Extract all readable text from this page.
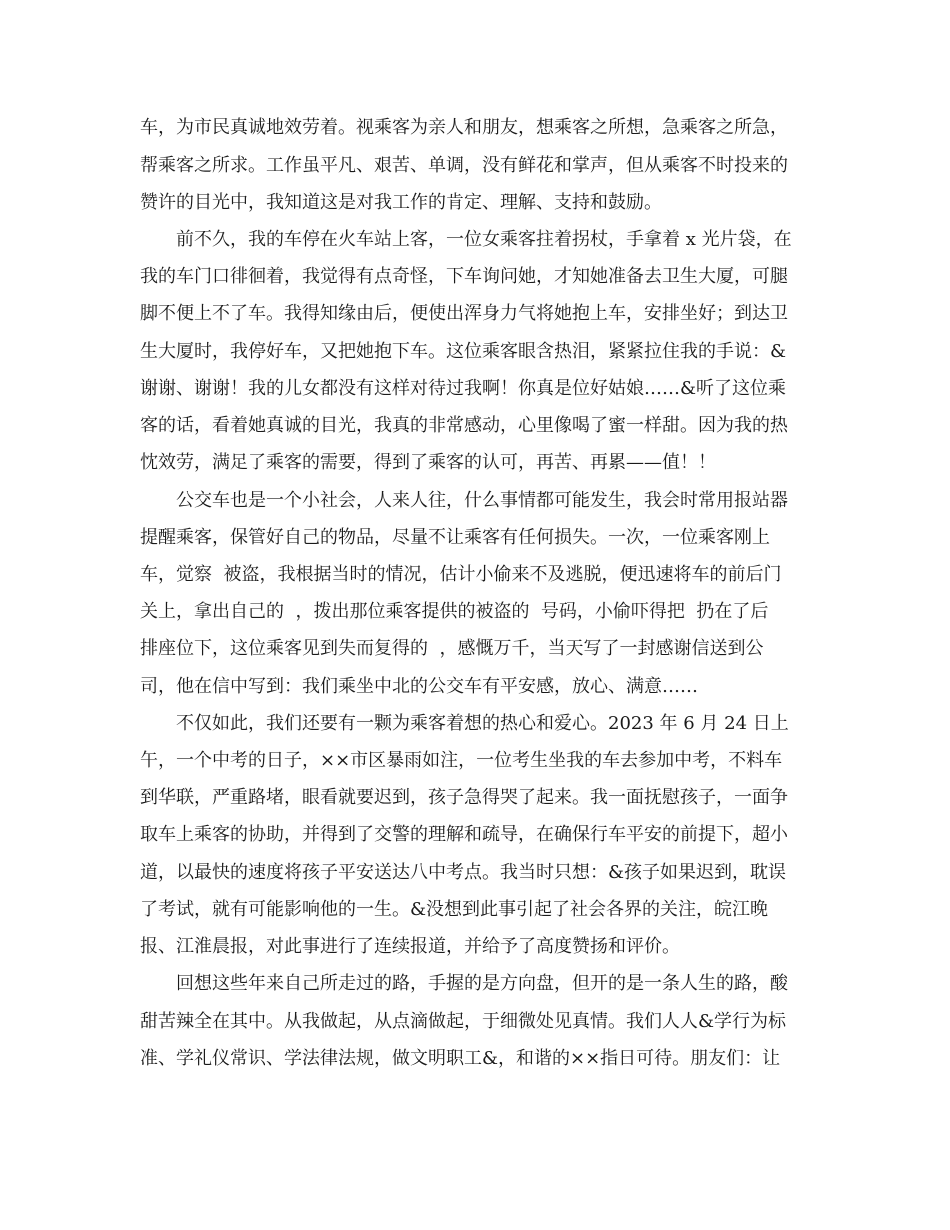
车，为市民真诚地效劳着。视乘客为亲人和朋友，想乘客之所想，急乘客之所急，
帮乘客之所求。工作虽平凡、艰苦、单调，没有鲜花和掌声，但从乘客不时投来的
赞许的目光中，我知道这是对我工作的肯定、理解、支持和鼓励。
前不久，我的车停在火车站上客，一位女乘客拄着拐杖，手拿着 x 光片袋，在
我的车门口徘徊着，我觉得有点奇怪，下车询问她，才知她准备去卫生大厦，可腿
脚不便上不了车。我得知缘由后，便使出浑身力气将她抱上车，安排坐好；到达卫
生大厦时，我停好车，又把她抱下车。这位乘客眼含热泪，紧紧拉住我的手说：&
谢谢、谢谢！我的儿女都没有这样对待过我啊！你真是位好姑娘……&听了这位乘
客的话，看着她真诚的目光，我真的非常感动，心里像喝了蜜一样甜。因为我的热
忱效劳，满足了乘客的需要，得到了乘客的认可，再苦、再累——值！！
公交车也是一个小社会，人来人往，什么事情都可能发生，我会时常用报站器
提醒乘客，保管好自己的物品，尽量不让乘客有任何损失。一次，一位乘客刚上
车，觉察  被盗，我根据当时的情况，估计小偷来不及逃脱，便迅速将车的前后门
关上，拿出自己的  ，拨出那位乘客提供的被盗的  号码，小偷吓得把  扔在了后
排座位下，这位乘客见到失而复得的  ，感慨万千，当天写了一封感谢信送到公
司，他在信中写到：我们乘坐中北的公交车有平安感，放心、满意……
不仅如此，我们还要有一颗为乘客着想的热心和爱心。2023 年 6 月 24 日上
午，一个中考的日子，××市区暴雨如注，一位考生坐我的车去参加中考，不料车
到华联，严重路堵，眼看就要迟到，孩子急得哭了起来。我一面抚慰孩子，一面争
取车上乘客的协助，并得到了交警的理解和疏导，在确保行车平安的前提下，超小
道，以最快的速度将孩子平安送达八中考点。我当时只想：&孩子如果迟到，耽误
了考试，就有可能影响他的一生。&没想到此事引起了社会各界的关注，皖江晚
报、江淮晨报，对此事进行了连续报道，并给予了高度赞扬和评价。
回想这些年来自己所走过的路，手握的是方向盘，但开的是一条人生的路，酸
甜苦辣全在其中。从我做起，从点滴做起，于细微处见真情。我们人人&学行为标
准、学礼仪常识、学法律法规，做文明职工&，和谐的××指日可待。朋友们：让
